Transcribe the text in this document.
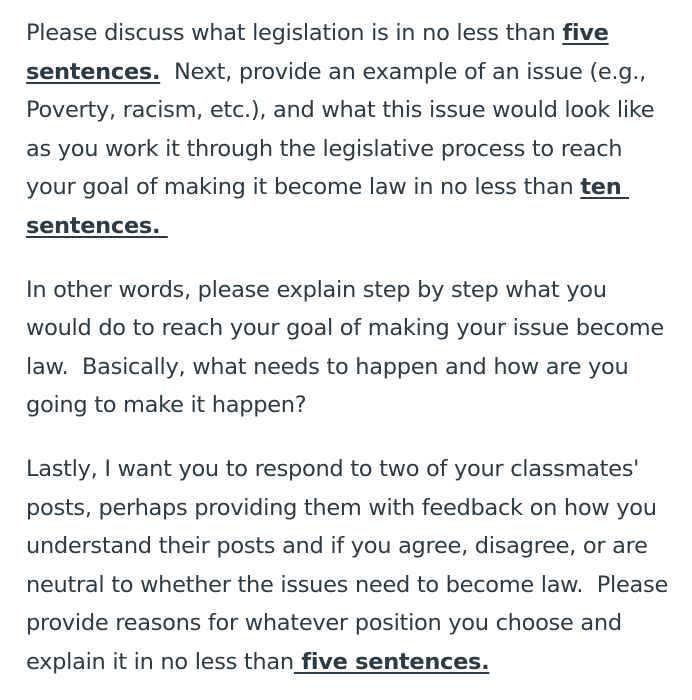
Please discuss what legislation is in no less than five sentences.  Next, provide an example of an issue (e.g., Poverty, racism, etc.), and what this issue would look like as you work it through the legislative process to reach your goal of making it become law in no less than ten sentences.

In other words, please explain step by step what you would do to reach your goal of making your issue become law.  Basically, what needs to happen and how are you going to make it happen?

Lastly, I want you to respond to two of your classmates' posts, perhaps providing them with feedback on how you understand their posts and if you agree, disagree, or are neutral to whether the issues need to become law.  Please provide reasons for whatever position you choose and explain it in no less than five sentences.
